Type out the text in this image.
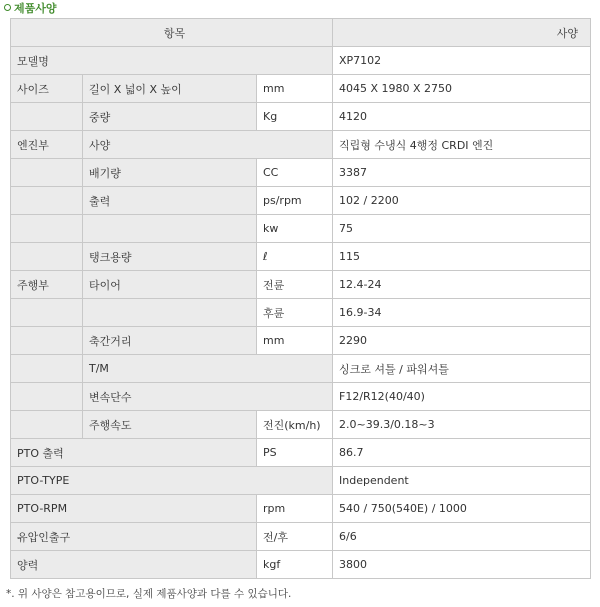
제품사양
항목			사양
모델명			XP7102
사이즈	길이 X 넓이 X 높이	mm	4045 X 1980 X 2750
	중량	Kg	4120
엔진부	사양		직립형 수냉식 4행정 CRDI 엔진
	배기량	CC	3387
	출력	ps/rpm	102 / 2200
		kw	75
	탱크용량	ℓ	115
주행부	타이어	전륜	12.4-24
		후륜	16.9-34
	축간거리	mm	2290
	T/M		싱크로 셔틀 / 파워셔틀
	변속단수		F12/R12(40/40)
	주행속도	전진(km/h)	2.0~39.3/0.18~3
PTO 출력		PS	86.7
PTO-TYPE			Independent
PTO-RPM		rpm	540 / 750(540E) / 1000
유압인출구		전/후	6/6
양력		kgf	3800
*. 위 사양은 참고용이므로, 실제 제품사양과 다를 수 있습니다.
